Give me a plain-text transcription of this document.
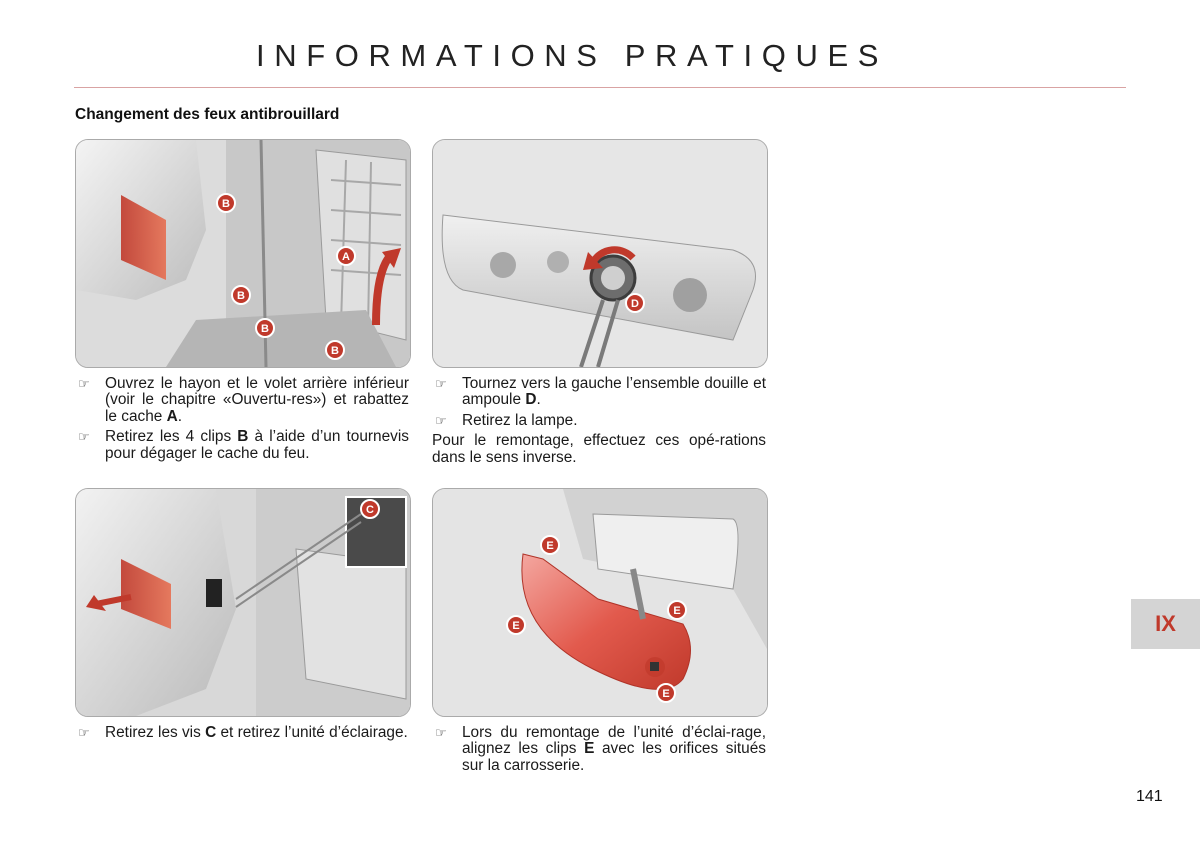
INFORMATIONS PRATIQUES
Changement des feux antibrouillard
B
A
B
B
B
D
C
E
E
E
E

☞ Ouvrez le hayon et le volet arrière inférieur (voir le chapitre «Ouvertu-res») et rabattez le cache A.

☞ Retirez les 4 clips B à l’aide d’un tournevis pour dégager le cache du feu.

☞ Tournez vers la gauche l’ensemble douille et ampoule D.

☞ Retirez la lampe.

Pour le remontage, effectuez ces opé-rations dans le sens inverse.

☞ Retirez les vis C et retirez l’unité d’éclairage. ☞ Lors du remontage de l’unité d’éclai-rage, alignez les clips E avec les orifices situés sur la carrosserie.

IX
141
